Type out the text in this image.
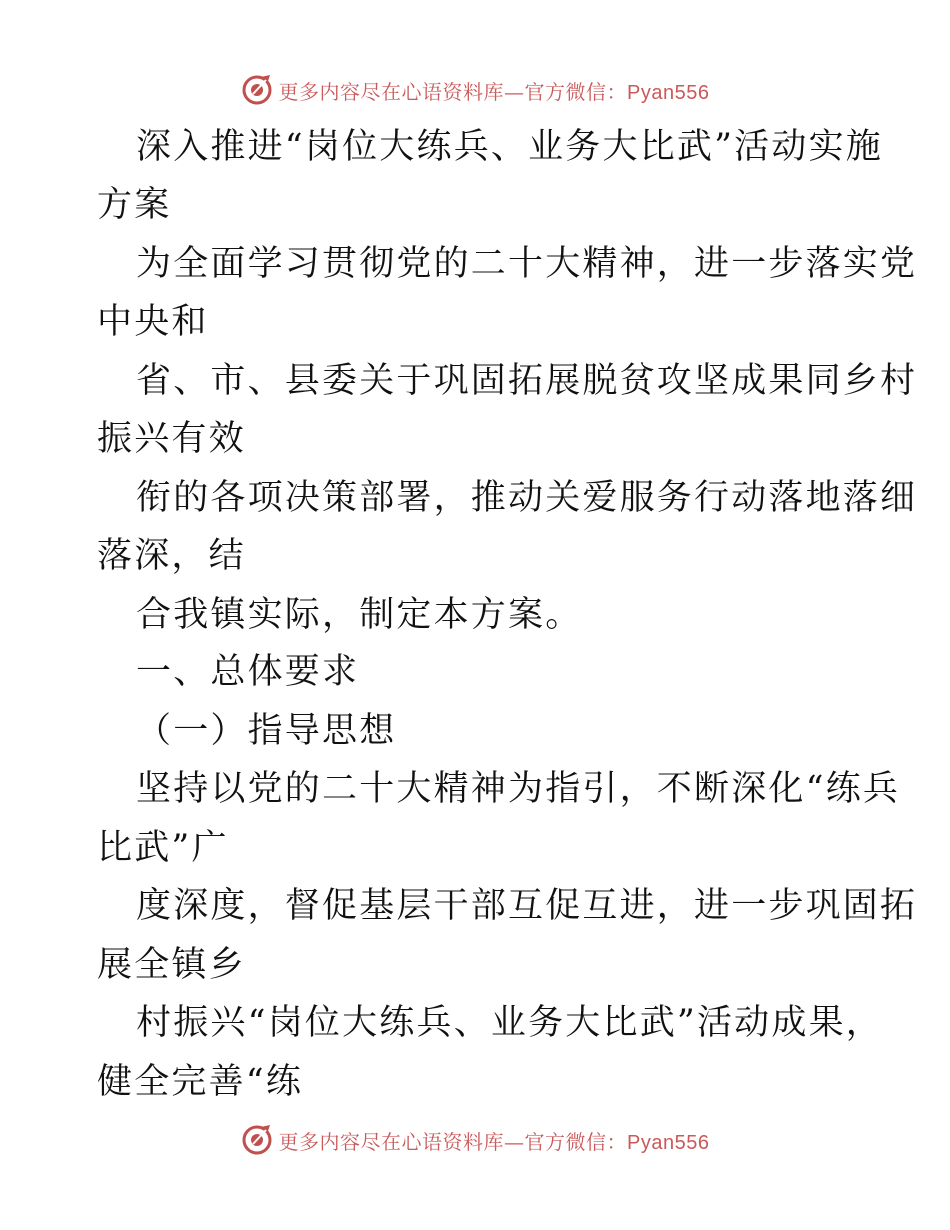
更多内容尽在心语资料库—官方微信：Pyan556
深入推进“岗位大练兵、业务大比武”活动实施
方案
为全面学习贯彻党的二十大精神，进一步落实党
中央和
省、市、县委关于巩固拓展脱贫攻坚成果同乡村
振兴有效
衔的各项决策部署，推动关爱服务行动落地落细
落深，结
合我镇实际，制定本方案。
一、总体要求
（一）指导思想
坚持以党的二十大精神为指引，不断深化“练兵
比武”广
度深度，督促基层干部互促互进，进一步巩固拓
展全镇乡
村振兴“岗位大练兵、业务大比武”活动成果，
健全完善“练
更多内容尽在心语资料库—官方微信：Pyan556
